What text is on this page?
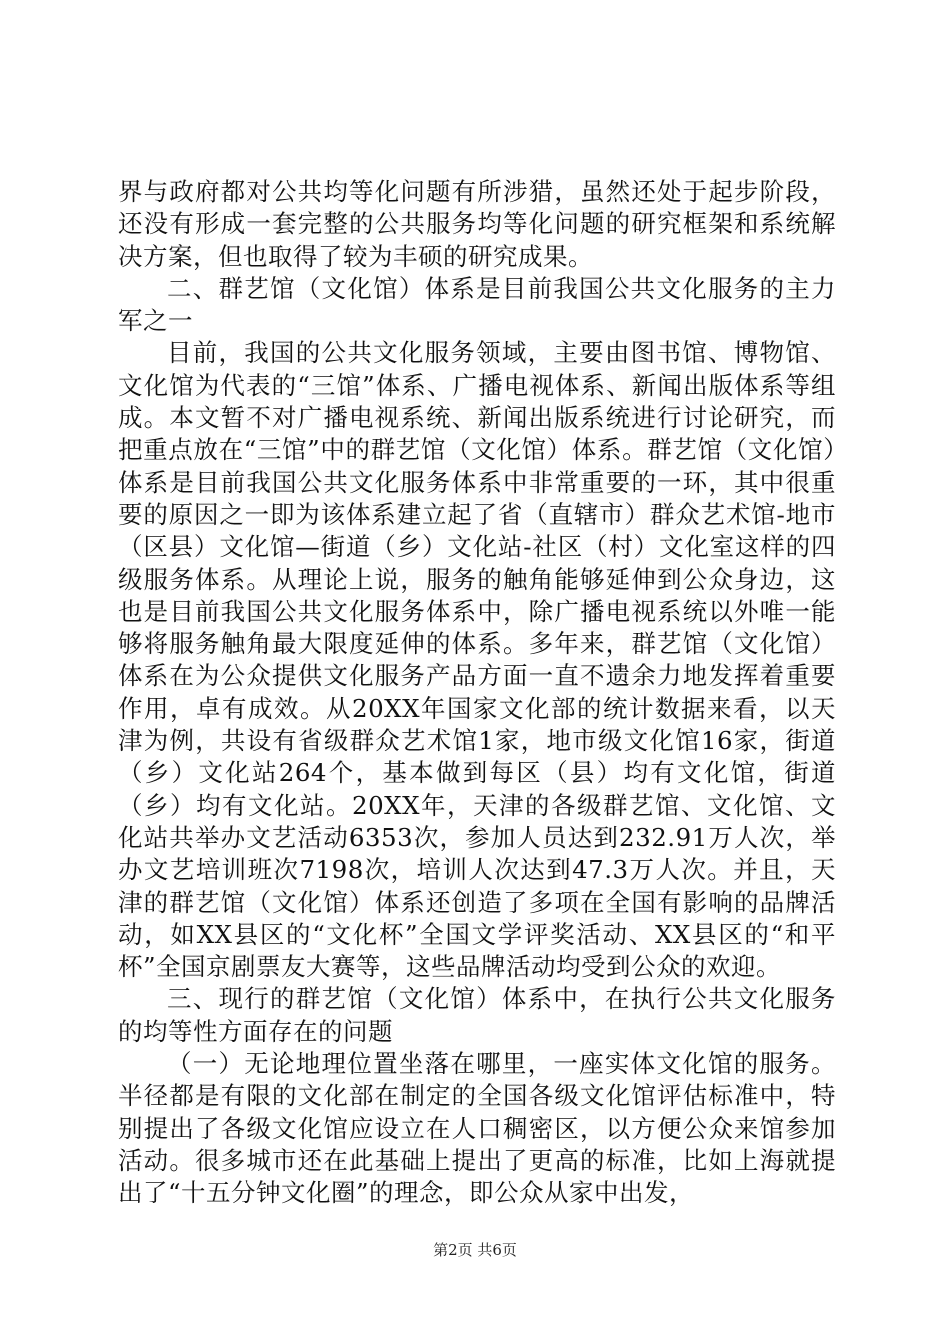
界与政府都对公共均等化问题有所涉猎，虽然还处于起步阶段，还没有形成一套完整的公共服务均等化问题的研究框架和系统解决方案，但也取得了较为丰硕的研究成果。

二、群艺馆（文化馆）体系是目前我国公共文化服务的主力军之一

目前，我国的公共文化服务领域，主要由图书馆、博物馆、文化馆为代表的“三馆”体系、广播电视体系、新闻出版体系等组成。本文暂不对广播电视系统、新闻出版系统进行讨论研究，而把重点放在“三馆”中的群艺馆（文化馆）体系。群艺馆（文化馆）体系是目前我国公共文化服务体系中非常重要的一环，其中很重要的原因之一即为该体系建立起了省（直辖市）群众艺术馆-地市（区县）文化馆—街道（乡）文化站-社区（村）文化室这样的四级服务体系。从理论上说，服务的触角能够延伸到公众身边，这也是目前我国公共文化服务体系中，除广播电视系统以外唯一能够将服务触角最大限度延伸的体系。多年来，群艺馆（文化馆）体系在为公众提供文化服务产品方面一直不遗余力地发挥着重要作用，卓有成效。从20XX年国家文化部的统计数据来看，以天津为例，共设有省级群众艺术馆1家，地市级文化馆16家，街道（乡）文化站264个，基本做到每区（县）均有文化馆，街道（乡）均有文化站。20XX年，天津的各级群艺馆、文化馆、文化站共举办文艺活动6353次，参加人员达到232.91万人次，举办文艺培训班次7198次，培训人次达到47.3万人次。并且，天津的群艺馆（文化馆）体系还创造了多项在全国有影响的品牌活动，如XX县区的“文化杯”全国文学评奖活动、XX县区的“和平杯”全国京剧票友大赛等，这些品牌活动均受到公众的欢迎。

三、现行的群艺馆（文化馆）体系中，在执行公共文化服务的均等性方面存在的问题

（一）无论地理位置坐落在哪里，一座实体文化馆的服务。半径都是有限的文化部在制定的全国各级文化馆评估标准中，特别提出了各级文化馆应设立在人口稠密区，以方便公众来馆参加活动。很多城市还在此基础上提出了更高的标准，比如上海就提出了“十五分钟文化圈”的理念，即公众从家中出发，

第2页 共6页
